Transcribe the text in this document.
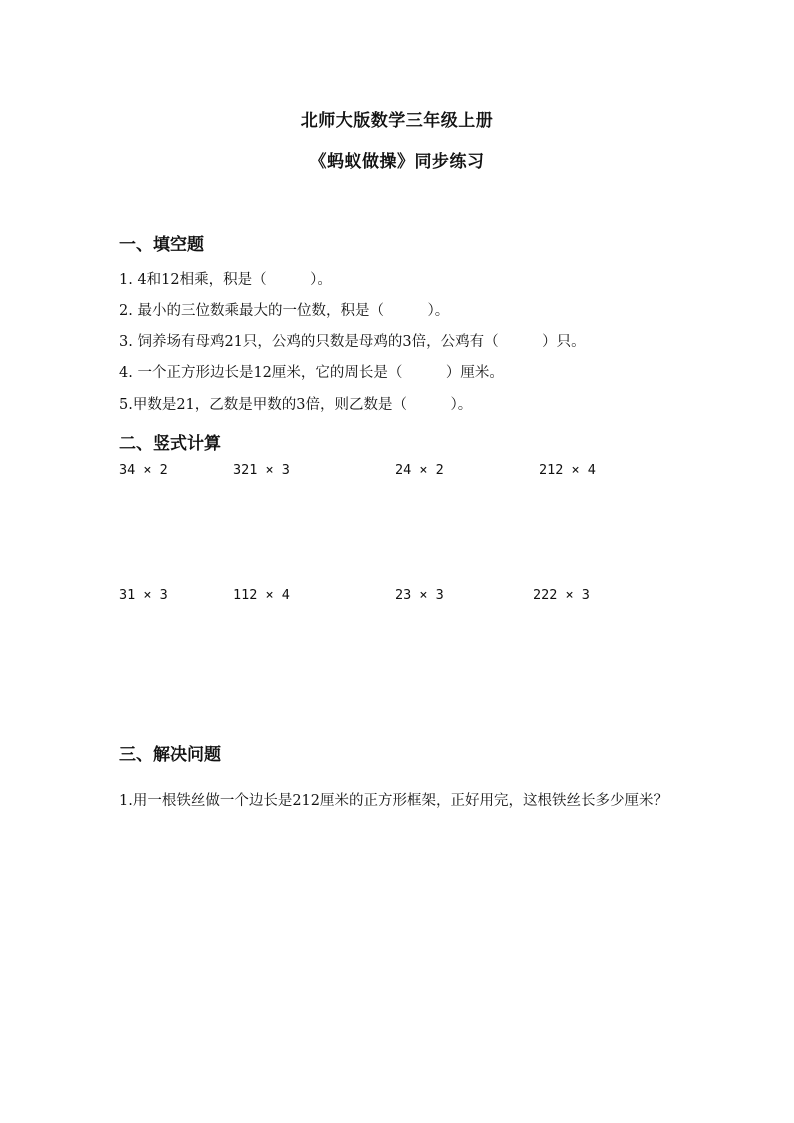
北师大版数学三年级上册
《蚂蚁做操》同步练习
一、填空题
1. 4和12相乘，积是（　　　）。
2. 最小的三位数乘最大的一位数，积是（　　　）。
3. 饲养场有母鸡21只，公鸡的只数是母鸡的3倍，公鸡有（　　　）只。
4. 一个正方形边长是12厘米，它的周长是（　　　）厘米。
5.甲数是21，乙数是甲数的3倍，则乙数是（　　　）。
二、竖式计算
34 × 2	321 × 3	24 × 2	212 × 4
31 × 3	112 × 4	23 × 3	222 × 3
三、解决问题
1.用一根铁丝做一个边长是212厘米的正方形框架，正好用完，这根铁丝长多少厘米？
